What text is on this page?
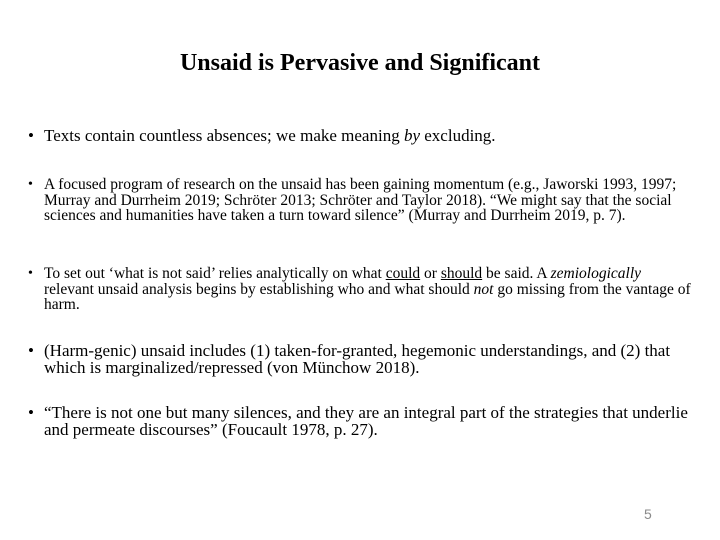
Unsaid is Pervasive and Significant
• Texts contain countless absences; we make meaning by excluding.
• A focused program of research on the unsaid has been gaining momentum (e.g., Jaworski 1993, 1997; Murray and Durrheim 2019; Schröter 2013; Schröter and Taylor 2018). “We might say that the social sciences and humanities have taken a turn toward silence” (Murray and Durrheim 2019, p. 7).
• To set out ‘what is not said’ relies analytically on what could or should be said. A zemiologically relevant unsaid analysis begins by establishing who and what should not go missing from the vantage of harm.
• (Harm-genic) unsaid includes (1) taken-for-granted, hegemonic understandings, and (2) that which is marginalized/repressed (von Münchow 2018).
• “There is not one but many silences, and they are an integral part of the strategies that underlie and permeate discourses” (Foucault 1978, p. 27).
5
